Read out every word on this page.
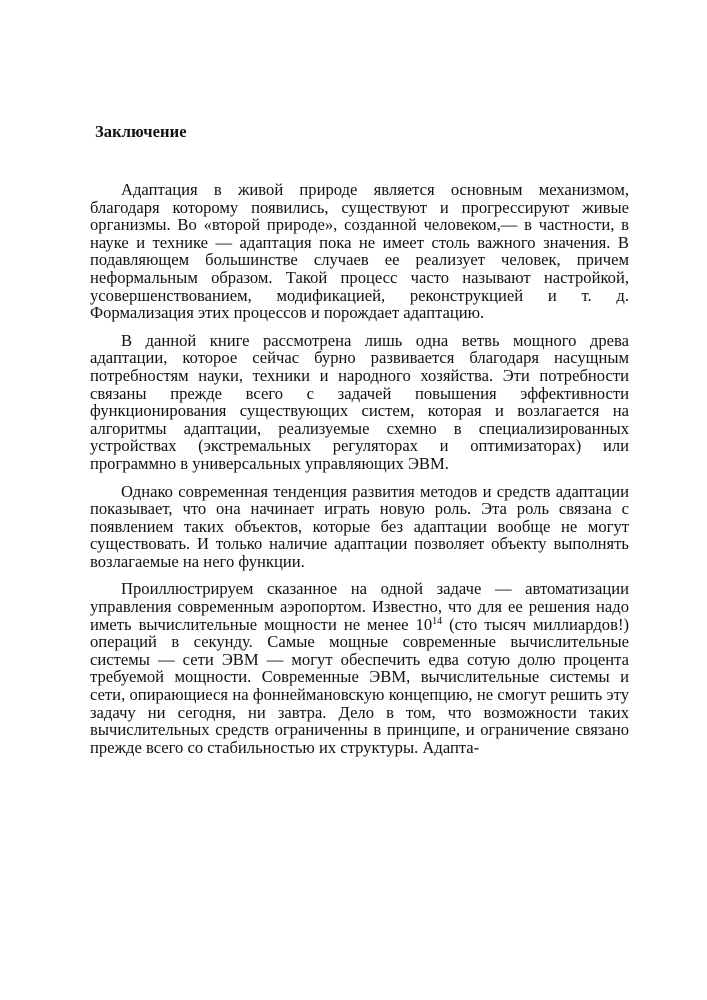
Заключение

Адаптация в живой природе является основным механизмом, благодаря которому появились, существуют и прогрессируют живые организмы. Во «второй природе», созданной человеком,— в частности, в науке и технике — адаптация пока не имеет столь важного значения. В подавляющем большинстве случаев ее реализует человек, причем неформальным образом. Такой процесс часто называют настройкой, усовершенствованием, модификацией, реконструкцией и т. д. Формализация этих процессов и порождает адаптацию.

В данной книге рассмотрена лишь одна ветвь мощного древа адаптации, которое сейчас бурно развивается благодаря насущным потребностям науки, техники и народного хозяйства. Эти потребности связаны прежде всего с задачей повышения эффективности функционирования существующих систем, которая и возлагается на алгоритмы адаптации, реализуемые схемно в специализированных устройствах (экстремальных регуляторах и оптимизаторах) или программно в универсальных управляющих ЭВМ.

Однако современная тенденция развития методов и средств адаптации показывает, что она начинает играть новую роль. Эта роль связана с появлением таких объектов, которые без адаптации вообще не могут существовать. И только наличие адаптации позволяет объекту выполнять возлагаемые на него функции.

Проиллюстрируем сказанное на одной задаче — автоматизации управления современным аэропортом. Известно, что для ее решения надо иметь вычислительные мощности не менее $10^{14}$ (сто тысяч миллиардов!) операций в секунду. Самые мощные современные вычислительные системы — сети ЭВМ — могут обеспечить едва сотую долю процента требуемой мощности. Современные ЭВМ, вычислительные системы и сети, опирающиеся на фоннеймановскую концепцию, не смогут решить эту задачу ни сегодня, ни завтра. Дело в том, что возможности таких вычислительных средств ограниченны в принципе, и ограничение связано прежде всего со стабильностью их структуры. Адапта-
